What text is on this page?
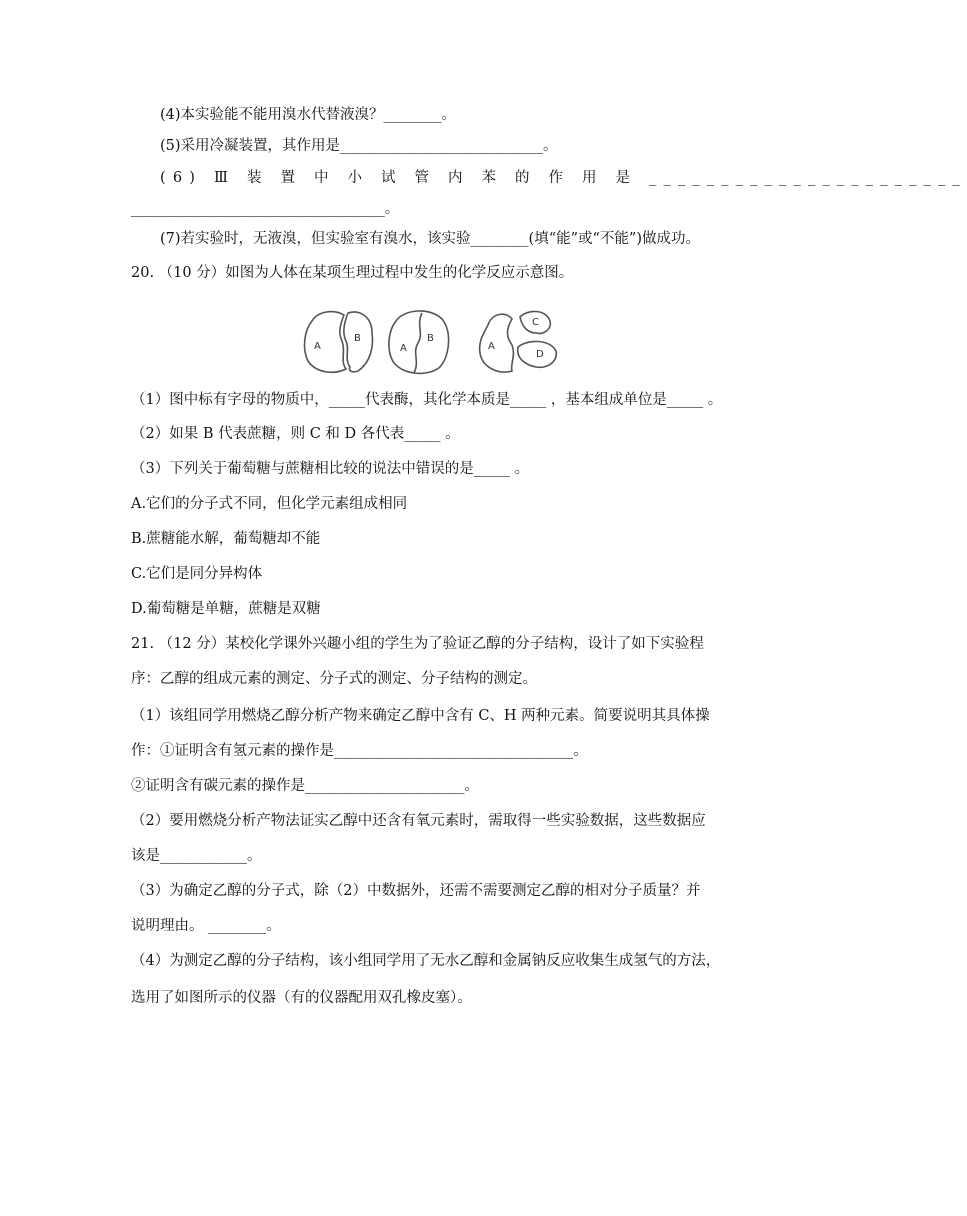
(4)本实验能不能用溴水代替液溴？________。
(5)采用冷凝装置，其作用是____________________________。
(6) Ⅲ 装 置 中 小 试 管 内 苯 的 作 用 是 ______________________
___________________________________。
(7)若实验时，无液溴，但实验室有溴水，该实验________(填“能”或“不能”)做成功。
20. （10 分）如图为人体在某项生理过程中发生的化学反应示意图。
A
B
A
B
A
C
D
（1）图中标有字母的物质中，_____代表酶，其化学本质是_____ ，基本组成单位是_____ 。
（2）如果 B 代表蔗糖，则 C 和 D 各代表_____ 。
（3）下列关于葡萄糖与蔗糖相比较的说法中错误的是_____ 。
A.它们的分子式不同，但化学元素组成相同
B.蔗糖能水解，葡萄糖却不能
C.它们是同分异构体
D.葡萄糖是单糖，蔗糖是双糖
21. （12 分）某校化学课外兴趣小组的学生为了验证乙醇的分子结构，设计了如下实验程
序：乙醇的组成元素的测定、分子式的测定、分子结构的测定。
（1）该组同学用燃烧乙醇分析产物来确定乙醇中含有 C、H 两种元素。简要说明其具体操
作：①证明含有氢元素的操作是_________________________________。
②证明含有碳元素的操作是______________________。
（2）要用燃烧分析产物法证实乙醇中还含有氧元素时，需取得一些实验数据，这些数据应
该是____________。
（3）为确定乙醇的分子式，除（2）中数据外，还需不需要测定乙醇的相对分子质量？并
说明理由。 ________。
（4）为测定乙醇的分子结构，该小组同学用了无水乙醇和金属钠反应收集生成氢气的方法，
选用了如图所示的仪器（有的仪器配用双孔橡皮塞）。
